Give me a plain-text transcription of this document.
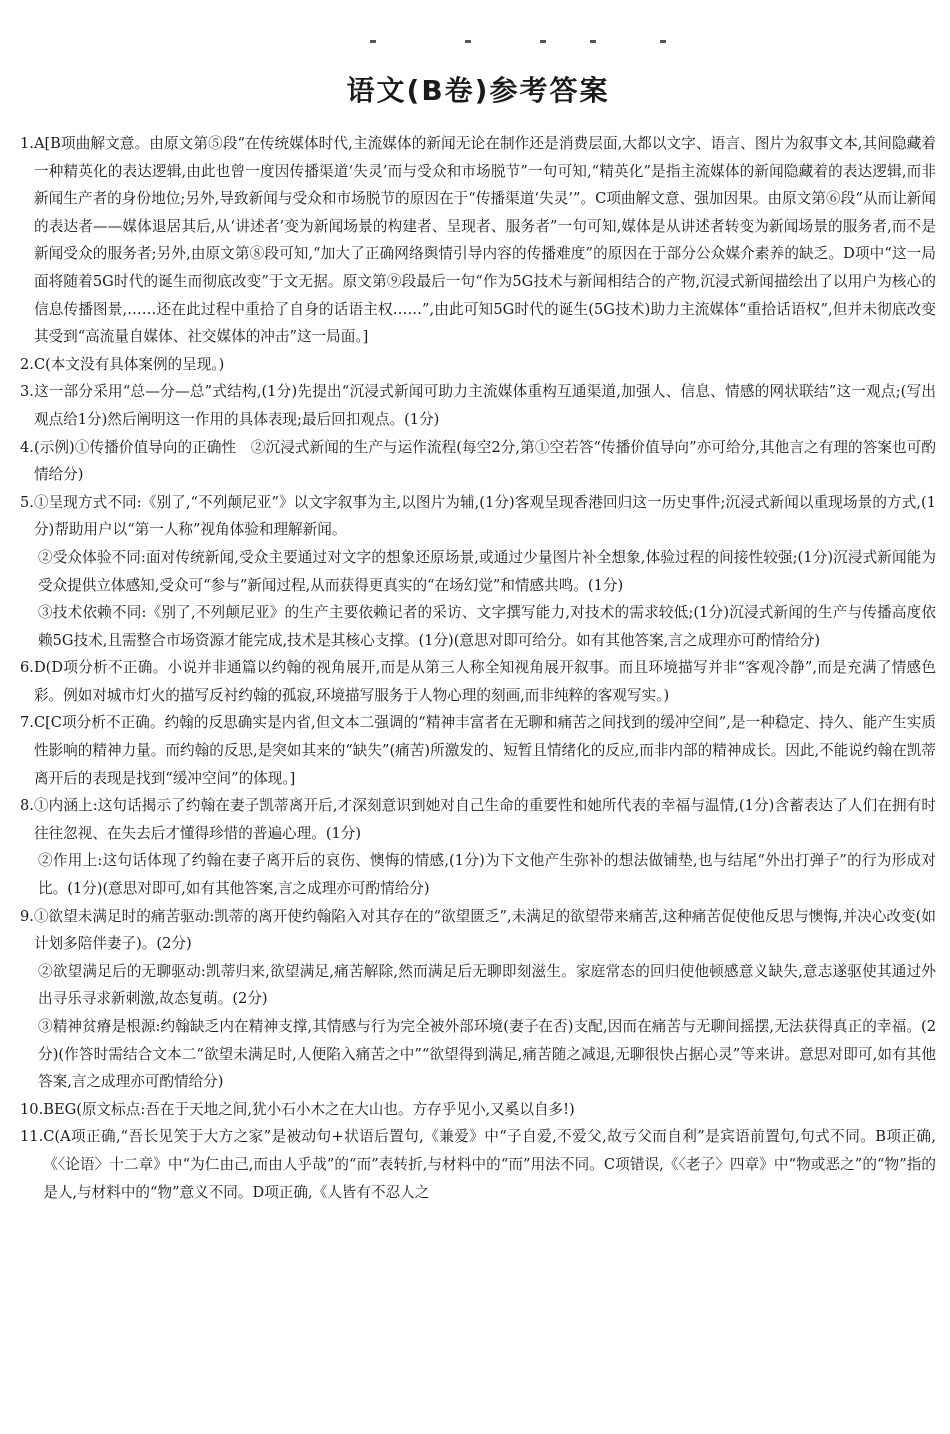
语文(B卷)参考答案
1. A[B项曲解文意。由原文第⑤段“在传统媒体时代,主流媒体的新闻无论在制作还是消费层面,大都以文字、语言、图片为叙事文本,其间隐藏着一种精英化的表达逻辑,由此也曾一度因传播渠道‘失灵’而与受众和市场脱节”一句可知,“精英化”是指主流媒体的新闻隐藏着的表达逻辑,而非新闻生产者的身份地位;另外,导致新闻与受众和市场脱节的原因在于“传播渠道‘失灵’”。C项曲解文意、强加因果。由原文第⑥段“从而让新闻的表达者——媒体退居其后,从‘讲述者’变为新闻场景的构建者、呈现者、服务者”一句可知,媒体是从讲述者转变为新闻场景的服务者,而不是新闻受众的服务者;另外,由原文第⑧段可知,“加大了正确网络舆情引导内容的传播难度”的原因在于部分公众媒介素养的缺乏。D项中“这一局面将随着5G时代的诞生而彻底改变”于文无据。原文第⑨段最后一句“作为5G技术与新闻相结合的产物,沉浸式新闻描绘出了以用户为核心的信息传播图景,……还在此过程中重拾了自身的话语主权……”,由此可知5G时代的诞生(5G技术)助力主流媒体“重拾话语权”,但并未彻底改变其受到“高流量自媒体、社交媒体的冲击”这一局面。]
2. C(本文没有具体案例的呈现。)
3. 这一部分采用“总—分—总”式结构,(1分)先提出“沉浸式新闻可助力主流媒体重构互通渠道,加强人、信息、情感的网状联结”这一观点;(写出观点给1分)然后阐明这一作用的具体表现;最后回扣观点。(1分)
4. (示例)①传播价值导向的正确性　②沉浸式新闻的生产与运作流程(每空2分,第①空若答“传播价值导向”亦可给分,其他言之有理的答案也可酌情给分)
5. ①呈现方式不同:《别了,“不列颠尼亚”》以文字叙事为主,以图片为辅,(1分)客观呈现香港回归这一历史事件;沉浸式新闻以重现场景的方式,(1分)帮助用户以“第一人称”视角体验和理解新闻。
②受众体验不同:面对传统新闻,受众主要通过对文字的想象还原场景,或通过少量图片补全想象,体验过程的间接性较强;(1分)沉浸式新闻能为受众提供立体感知,受众可“参与”新闻过程,从而获得更真实的“在场幻觉”和情感共鸣。(1分)
③技术依赖不同:《别了,不列颠尼亚》的生产主要依赖记者的采访、文字撰写能力,对技术的需求较低;(1分)沉浸式新闻的生产与传播高度依赖5G技术,且需整合市场资源才能完成,技术是其核心支撑。(1分)(意思对即可给分。如有其他答案,言之成理亦可酌情给分)
6. D(D项分析不正确。小说并非通篇以约翰的视角展开,而是从第三人称全知视角展开叙事。而且环境描写并非“客观冷静”,而是充满了情感色彩。例如对城市灯火的描写反衬约翰的孤寂,环境描写服务于人物心理的刻画,而非纯粹的客观写实。)
7. C[C项分析不正确。约翰的反思确实是内省,但文本二强调的“精神丰富者在无聊和痛苦之间找到的缓冲空间”,是一种稳定、持久、能产生实质性影响的精神力量。而约翰的反思,是突如其来的“缺失”(痛苦)所激发的、短暂且情绪化的反应,而非内部的精神成长。因此,不能说约翰在凯蒂离开后的表现是找到“缓冲空间”的体现。]
8. ①内涵上:这句话揭示了约翰在妻子凯蒂离开后,才深刻意识到她对自己生命的重要性和她所代表的幸福与温情,(1分)含蓄表达了人们在拥有时往往忽视、在失去后才懂得珍惜的普遍心理。(1分)
②作用上:这句话体现了约翰在妻子离开后的哀伤、懊悔的情感,(1分)为下文他产生弥补的想法做铺垫,也与结尾“外出打弹子”的行为形成对比。(1分)(意思对即可,如有其他答案,言之成理亦可酌情给分)
9. ①欲望未满足时的痛苦驱动:凯蒂的离开使约翰陷入对其存在的“欲望匮乏”,未满足的欲望带来痛苦,这种痛苦促使他反思与懊悔,并决心改变(如计划多陪伴妻子)。(2分)
②欲望满足后的无聊驱动:凯蒂归来,欲望满足,痛苦解除,然而满足后无聊即刻滋生。家庭常态的回归使他顿感意义缺失,意志遂驱使其通过外出寻乐寻求新刺激,故态复萌。(2分)
③精神贫瘠是根源:约翰缺乏内在精神支撑,其情感与行为完全被外部环境(妻子在否)支配,因而在痛苦与无聊间摇摆,无法获得真正的幸福。(2分)(作答时需结合文本二“欲望未满足时,人便陷入痛苦之中”“欲望得到满足,痛苦随之减退,无聊很快占据心灵”等来讲。意思对即可,如有其他答案,言之成理亦可酌情给分)
10. BEG(原文标点:吾在于天地之间,犹小石小木之在大山也。方存乎见小,又奚以自多!)
11. C(A项正确,“吾长见笑于大方之家”是被动句+状语后置句,《兼爱》中“子自爱,不爱父,故亏父而自利”是宾语前置句,句式不同。B项正确,《〈论语〉十二章》中“为仁由己,而由人乎哉”的“而”表转折,与材料中的“而”用法不同。C项错误,《〈老子〉四章》中“物或恶之”的“物”指的是人,与材料中的“物”意义不同。D项正确,《人皆有不忍人之
